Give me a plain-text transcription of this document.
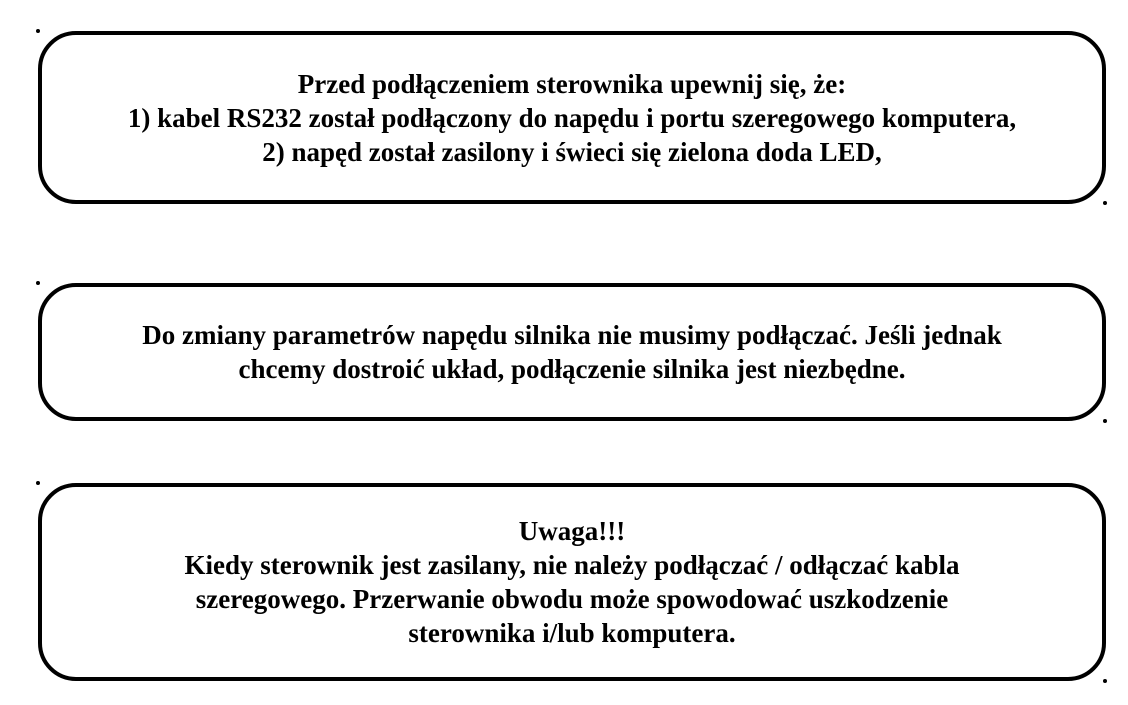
Przed podłączeniem sterownika upewnij się, że:
1) kabel RS232 został podłączony do napędu i portu szeregowego komputera,
2) napęd został zasilony i świeci się zielona doda LED,
Do zmiany parametrów napędu silnika nie musimy podłączać. Jeśli jednak
chcemy dostroić układ, podłączenie silnika jest niezbędne.
Uwaga!!!
Kiedy sterownik jest zasilany, nie należy podłączać / odłączać kabla
szeregowego. Przerwanie obwodu może spowodować uszkodzenie
sterownika i/lub komputera.
